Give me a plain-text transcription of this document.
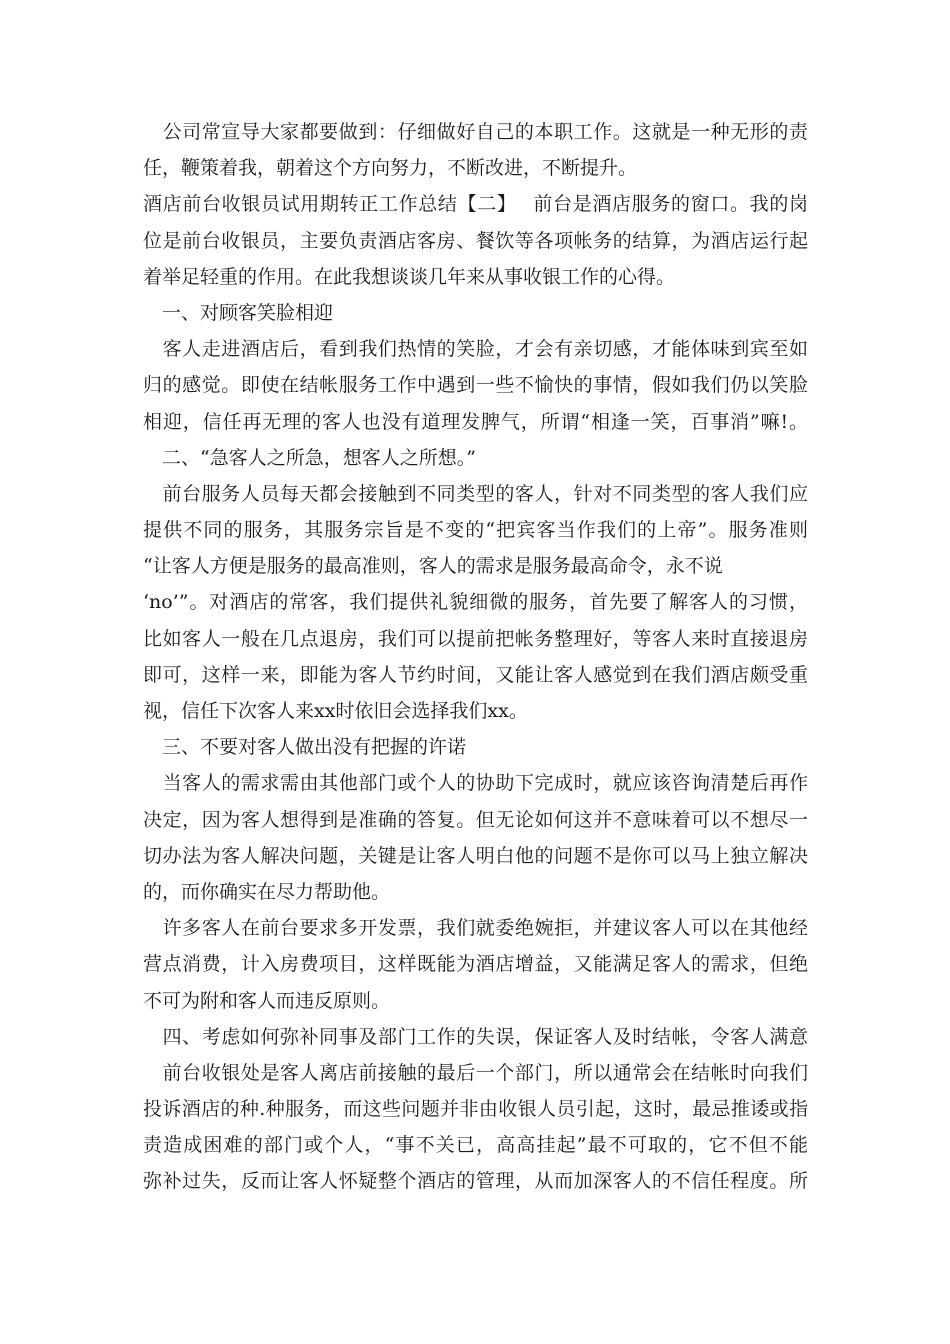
　公司常宣导大家都要做到：仔细做好自己的本职工作。这就是一种无形的责
任，鞭策着我，朝着这个方向努力，不断改进，不断提升。
酒店前台收银员试用期转正工作总结【二】　 前台是酒店服务的窗口。我的岗
位是前台收银员，主要负责酒店客房、餐饮等各项帐务的结算，为酒店运行起
着举足轻重的作用。在此我想谈谈几年来从事收银工作的心得。
　一、对顾客笑脸相迎
　客人走进酒店后，看到我们热情的笑脸，才会有亲切感，才能体味到宾至如
归的感觉。即使在结帐服务工作中遇到一些不愉快的事情，假如我们仍以笑脸
相迎，信任再无理的客人也没有道理发脾气，所谓“相逢一笑，百事消”嘛!。
　二、“急客人之所急，想客人之所想。”
　前台服务人员每天都会接触到不同类型的客人，针对不同类型的客人我们应
提供不同的服务，其服务宗旨是不变的“把宾客当作我们的上帝”。服务准则
“让客人方便是服务的最高准则，客人的需求是服务最高命令，永不说
‘no’”。对酒店的常客，我们提供礼貌细微的服务，首先要了解客人的习惯，
比如客人一般在几点退房，我们可以提前把帐务整理好，等客人来时直接退房
即可，这样一来，即能为客人节约时间，又能让客人感觉到在我们酒店颇受重
视，信任下次客人来xx时依旧会选择我们xx。
　三、不要对客人做出没有把握的许诺
　当客人的需求需由其他部门或个人的协助下完成时，就应该咨询清楚后再作
决定，因为客人想得到是准确的答复。但无论如何这并不意味着可以不想尽一
切办法为客人解决问题，关键是让客人明白他的问题不是你可以马上独立解决
的，而你确实在尽力帮助他。
　许多客人在前台要求多开发票，我们就委绝婉拒，并建议客人可以在其他经
营点消费，计入房费项目，这样既能为酒店增益，又能满足客人的需求，但绝
不可为附和客人而违反原则。
　四、考虑如何弥补同事及部门工作的失误，保证客人及时结帐，令客人满意
　前台收银处是客人离店前接触的最后一个部门，所以通常会在结帐时向我们
投诉酒店的种.种服务，而这些问题并非由收银人员引起，这时，最忌推诿或指
责造成困难的部门或个人，“事不关已，高高挂起”最不可取的，它不但不能
弥补过失，反而让客人怀疑整个酒店的管理，从而加深客人的不信任程度。所
